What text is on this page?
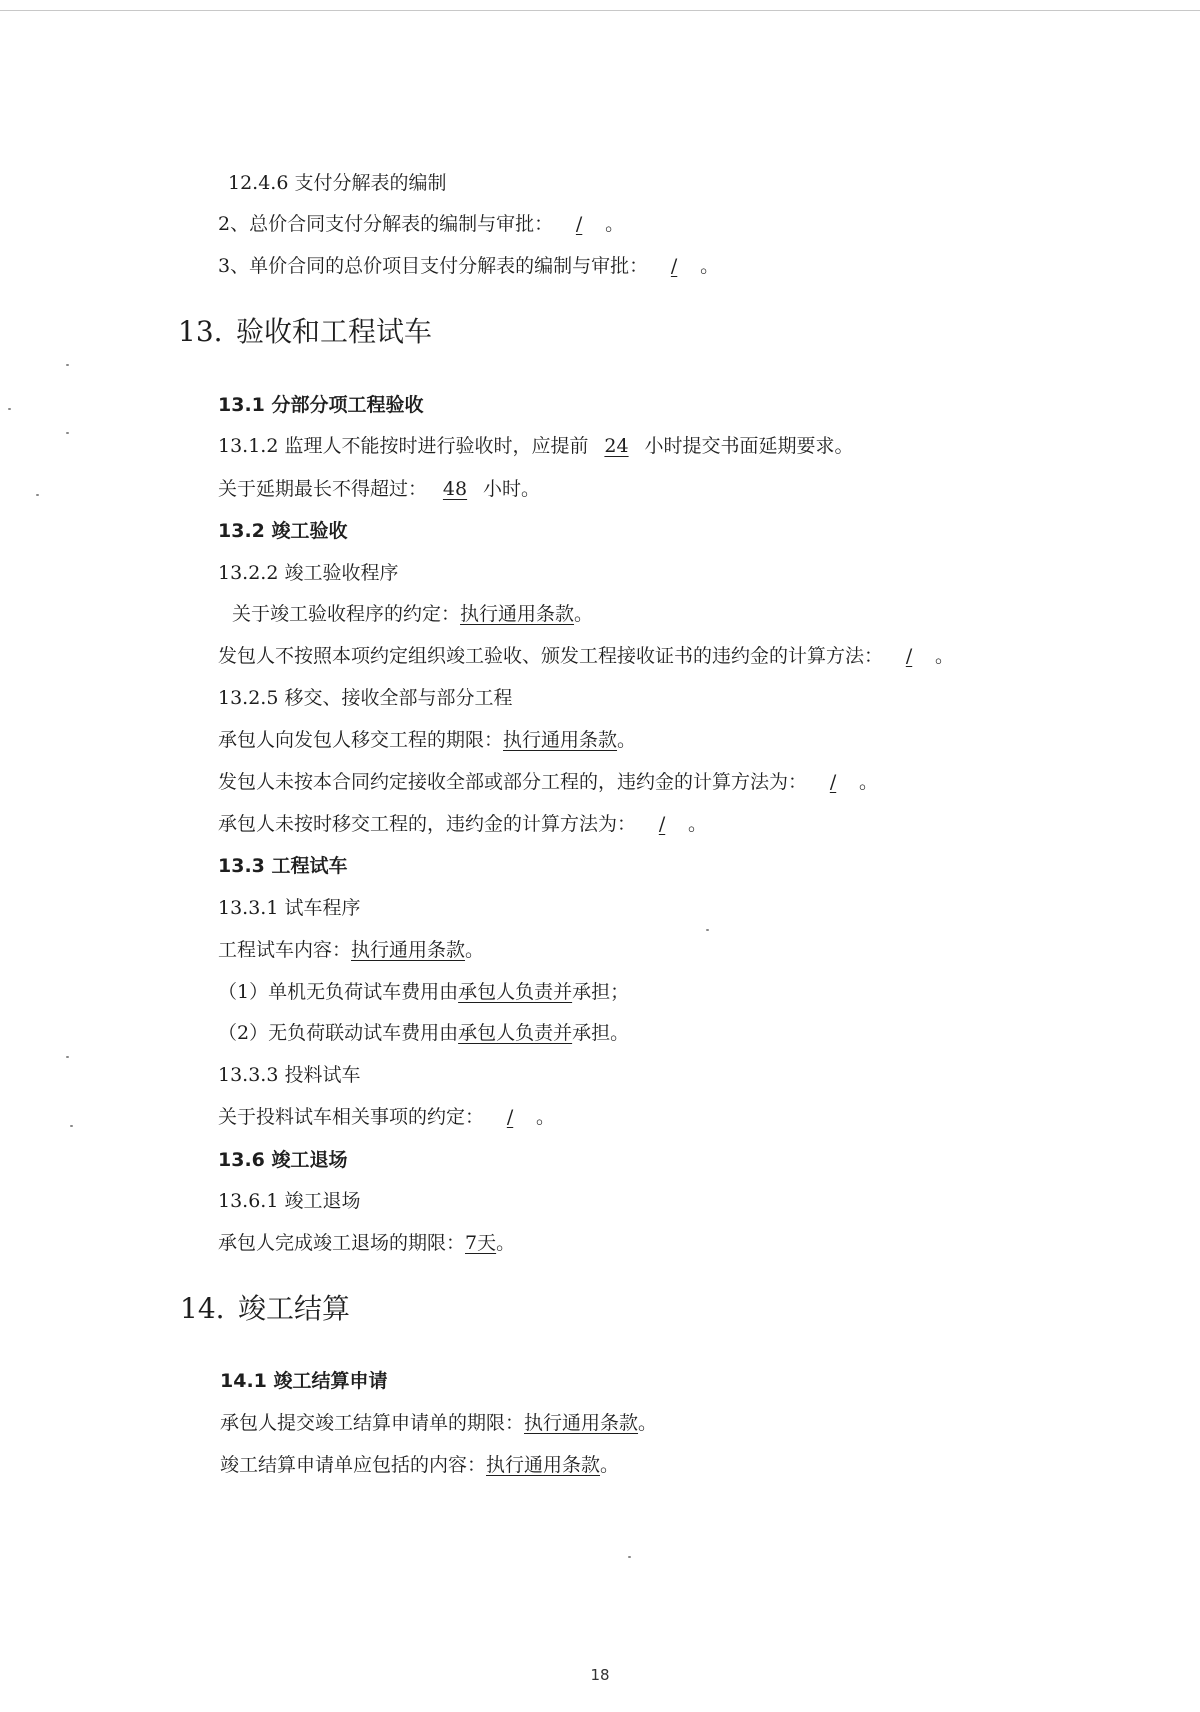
12.4.6 支付分解表的编制
2、总价合同支付分解表的编制与审批： / 。
3、单价合同的总价项目支付分解表的编制与审批： / 。
13. 验收和工程试车
13.1 分部分项工程验收
13.1.2 监理人不能按时进行验收时，应提前 24 小时提交书面延期要求。
关于延期最长不得超过： 48 小时。
13.2 竣工验收
13.2.2 竣工验收程序
关于竣工验收程序的约定：执行通用条款。
发包人不按照本项约定组织竣工验收、颁发工程接收证书的违约金的计算方法： / 。
13.2.5 移交、接收全部与部分工程
承包人向发包人移交工程的期限：执行通用条款。
发包人未按本合同约定接收全部或部分工程的，违约金的计算方法为： / 。
承包人未按时移交工程的，违约金的计算方法为： / 。
13.3 工程试车
13.3.1 试车程序
工程试车内容：执行通用条款。
（1）单机无负荷试车费用由承包人负责并承担；
（2）无负荷联动试车费用由承包人负责并承担。
13.3.3 投料试车
关于投料试车相关事项的约定： / 。
13.6 竣工退场
13.6.1 竣工退场
承包人完成竣工退场的期限：7天。
14. 竣工结算
14.1 竣工结算申请
承包人提交竣工结算申请单的期限：执行通用条款。
竣工结算申请单应包括的内容：执行通用条款。
18
